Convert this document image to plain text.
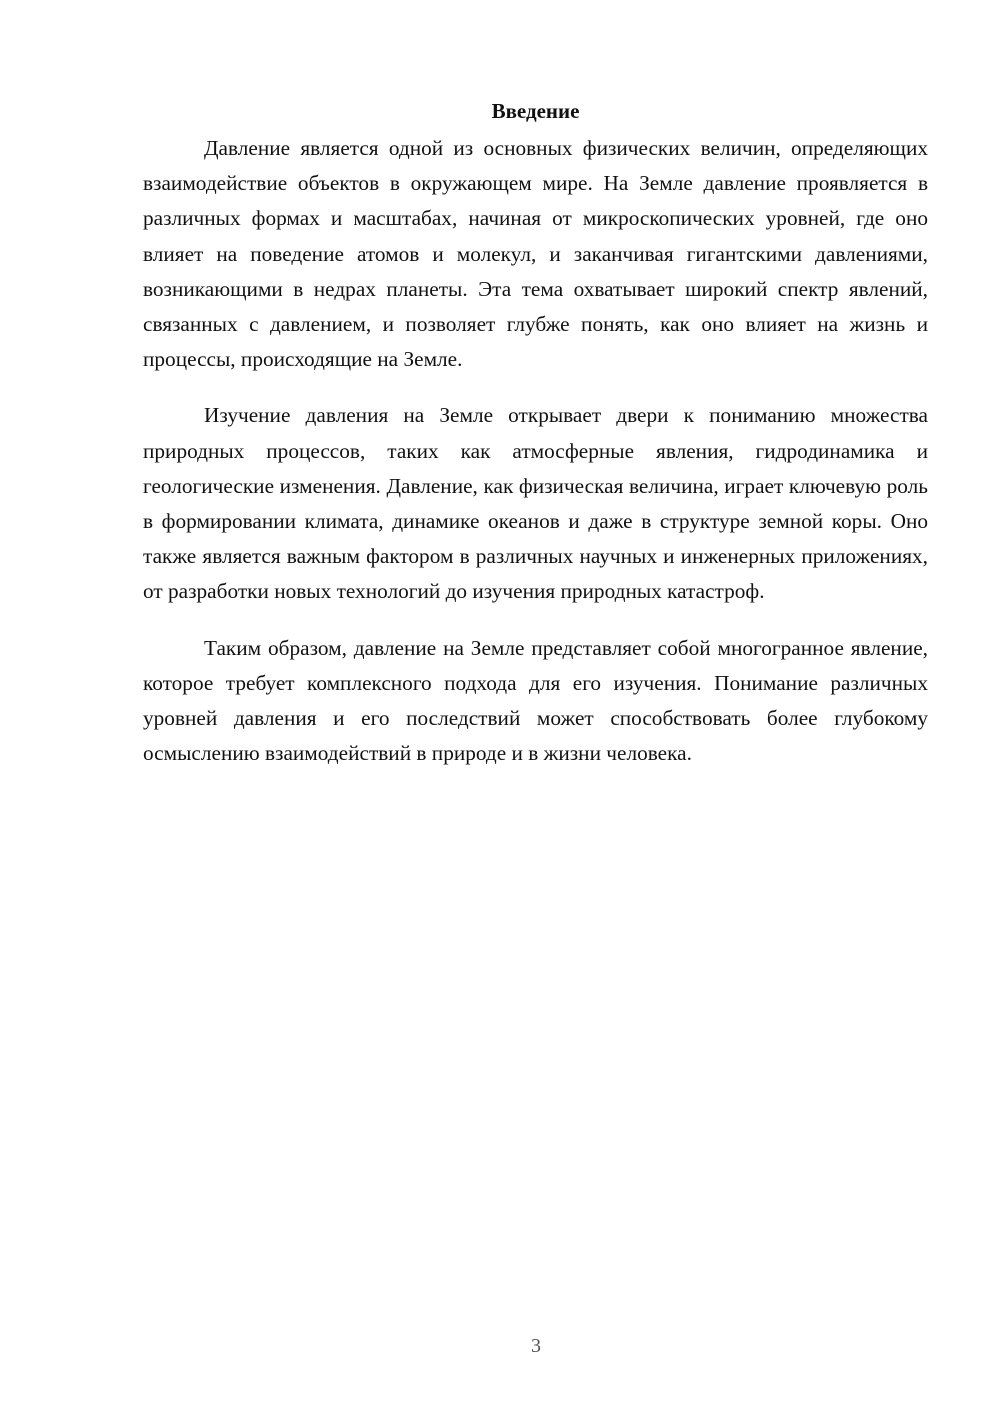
Введение

Давление является одной из основных физических величин, определяющих взаимодействие объектов в окружающем мире. На Земле давление проявляется в различных формах и масштабах, начиная от микроскопических уровней, где оно влияет на поведение атомов и молекул, и заканчивая гигантскими давлениями, возникающими в недрах планеты. Эта тема охватывает широкий спектр явлений, связанных с давлением, и позволяет глубже понять, как оно влияет на жизнь и процессы, происходящие на Земле.

Изучение давления на Земле открывает двери к пониманию множества природных процессов, таких как атмосферные явления, гидродинамика и геологические изменения. Давление, как физическая величина, играет ключевую роль в формировании климата, динамике океанов и даже в структуре земной коры. Оно также является важным фактором в различных научных и инженерных приложениях, от разработки новых технологий до изучения природных катастроф.

Таким образом, давление на Земле представляет собой многогранное явление, которое требует комплексного подхода для его изучения. Понимание различных уровней давления и его последствий может способствовать более глубокому осмыслению взаимодействий в природе и в жизни человека.

3
